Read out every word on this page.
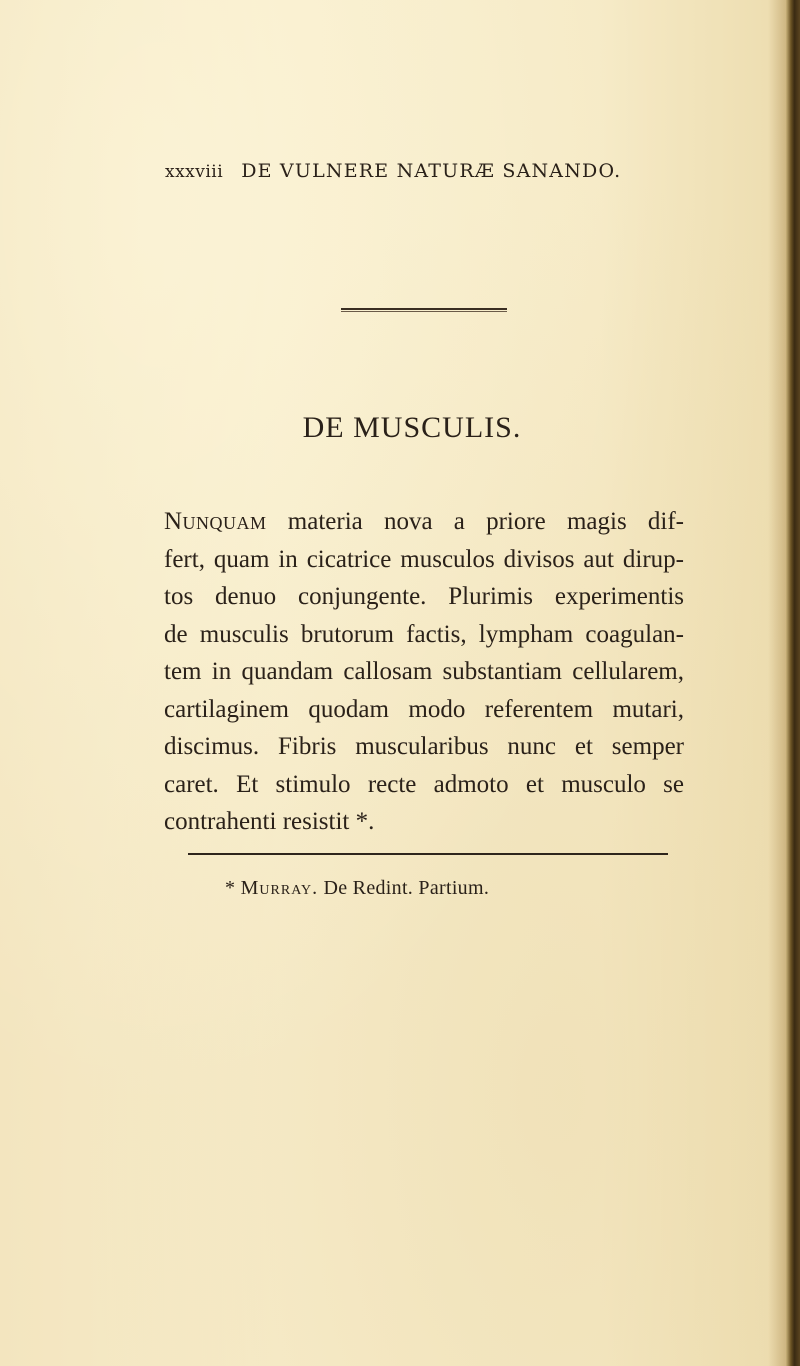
xxxviii DE VULNERE NATURÆ SANANDO.
DE MUSCULIS.
Nunquam materia nova a priore magis dif-
fert, quam in cicatrice musculos divisos aut dirup-
tos denuo conjungente. Plurimis experimentis
de musculis brutorum factis, lympham coagulan-
tem in quandam callosam substantiam cellularem,
cartilaginem quodam modo referentem mutari,
discimus. Fibris muscularibus nunc et semper
caret. Et stimulo recte admoto et musculo se
contrahenti resistit *.
* Murray. De Redint. Partium.
